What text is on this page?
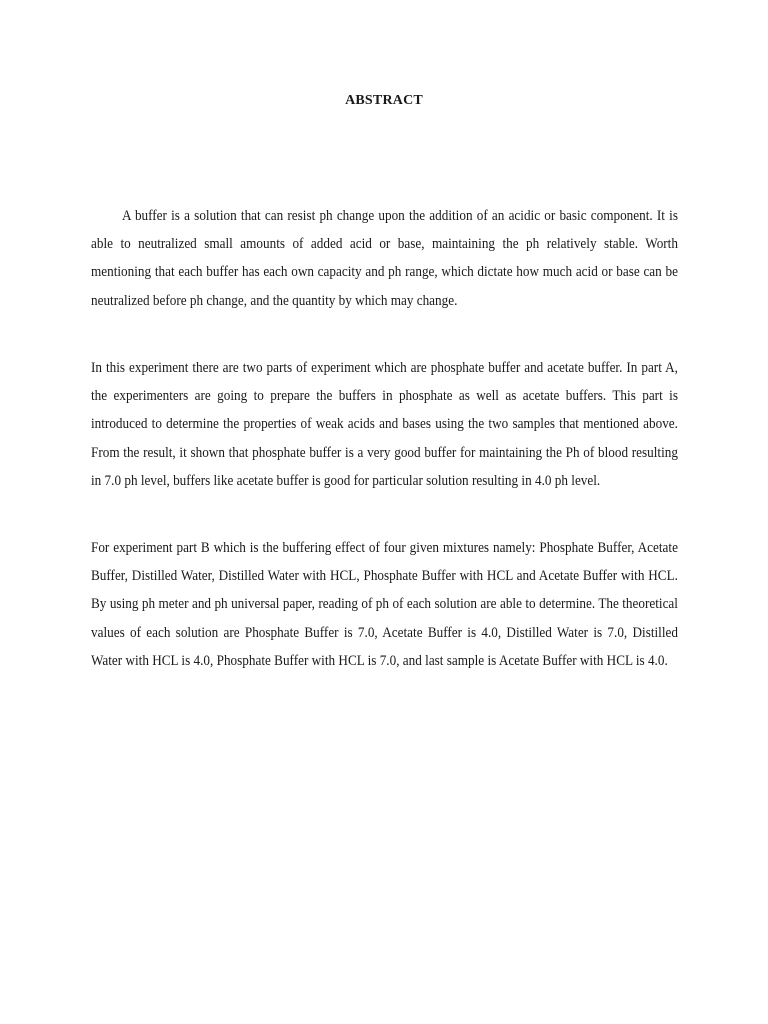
ABSTRACT

A buffer is a solution that can resist ph change upon the addition of an acidic or basic component. It is able to neutralized small amounts of added acid or base, maintaining the ph relatively stable. Worth mentioning that each buffer has each own capacity and ph range, which dictate how much acid or base can be neutralized before ph change, and the quantity by which may change.

In this experiment there are two parts of experiment which are phosphate buffer and acetate buffer. In part A, the experimenters are going to prepare the buffers in phosphate as well as acetate buffers. This part is introduced to determine the properties of weak acids and bases using the two samples that mentioned above. From the result, it shown that phosphate buffer is a very good buffer for maintaining the Ph of blood resulting in 7.0 ph level, buffers like acetate buffer is good for particular solution resulting in 4.0 ph level.

For experiment part B which is the buffering effect of four given mixtures namely: Phosphate Buffer, Acetate Buffer, Distilled Water, Distilled Water with HCL, Phosphate Buffer with HCL and Acetate Buffer with HCL. By using ph meter and ph universal paper, reading of ph of each solution are able to determine. The theoretical values of each solution are Phosphate Buffer is 7.0, Acetate Buffer is 4.0, Distilled Water is 7.0, Distilled Water with HCL is 4.0, Phosphate Buffer with HCL is 7.0, and last sample is Acetate Buffer with HCL is 4.0.
